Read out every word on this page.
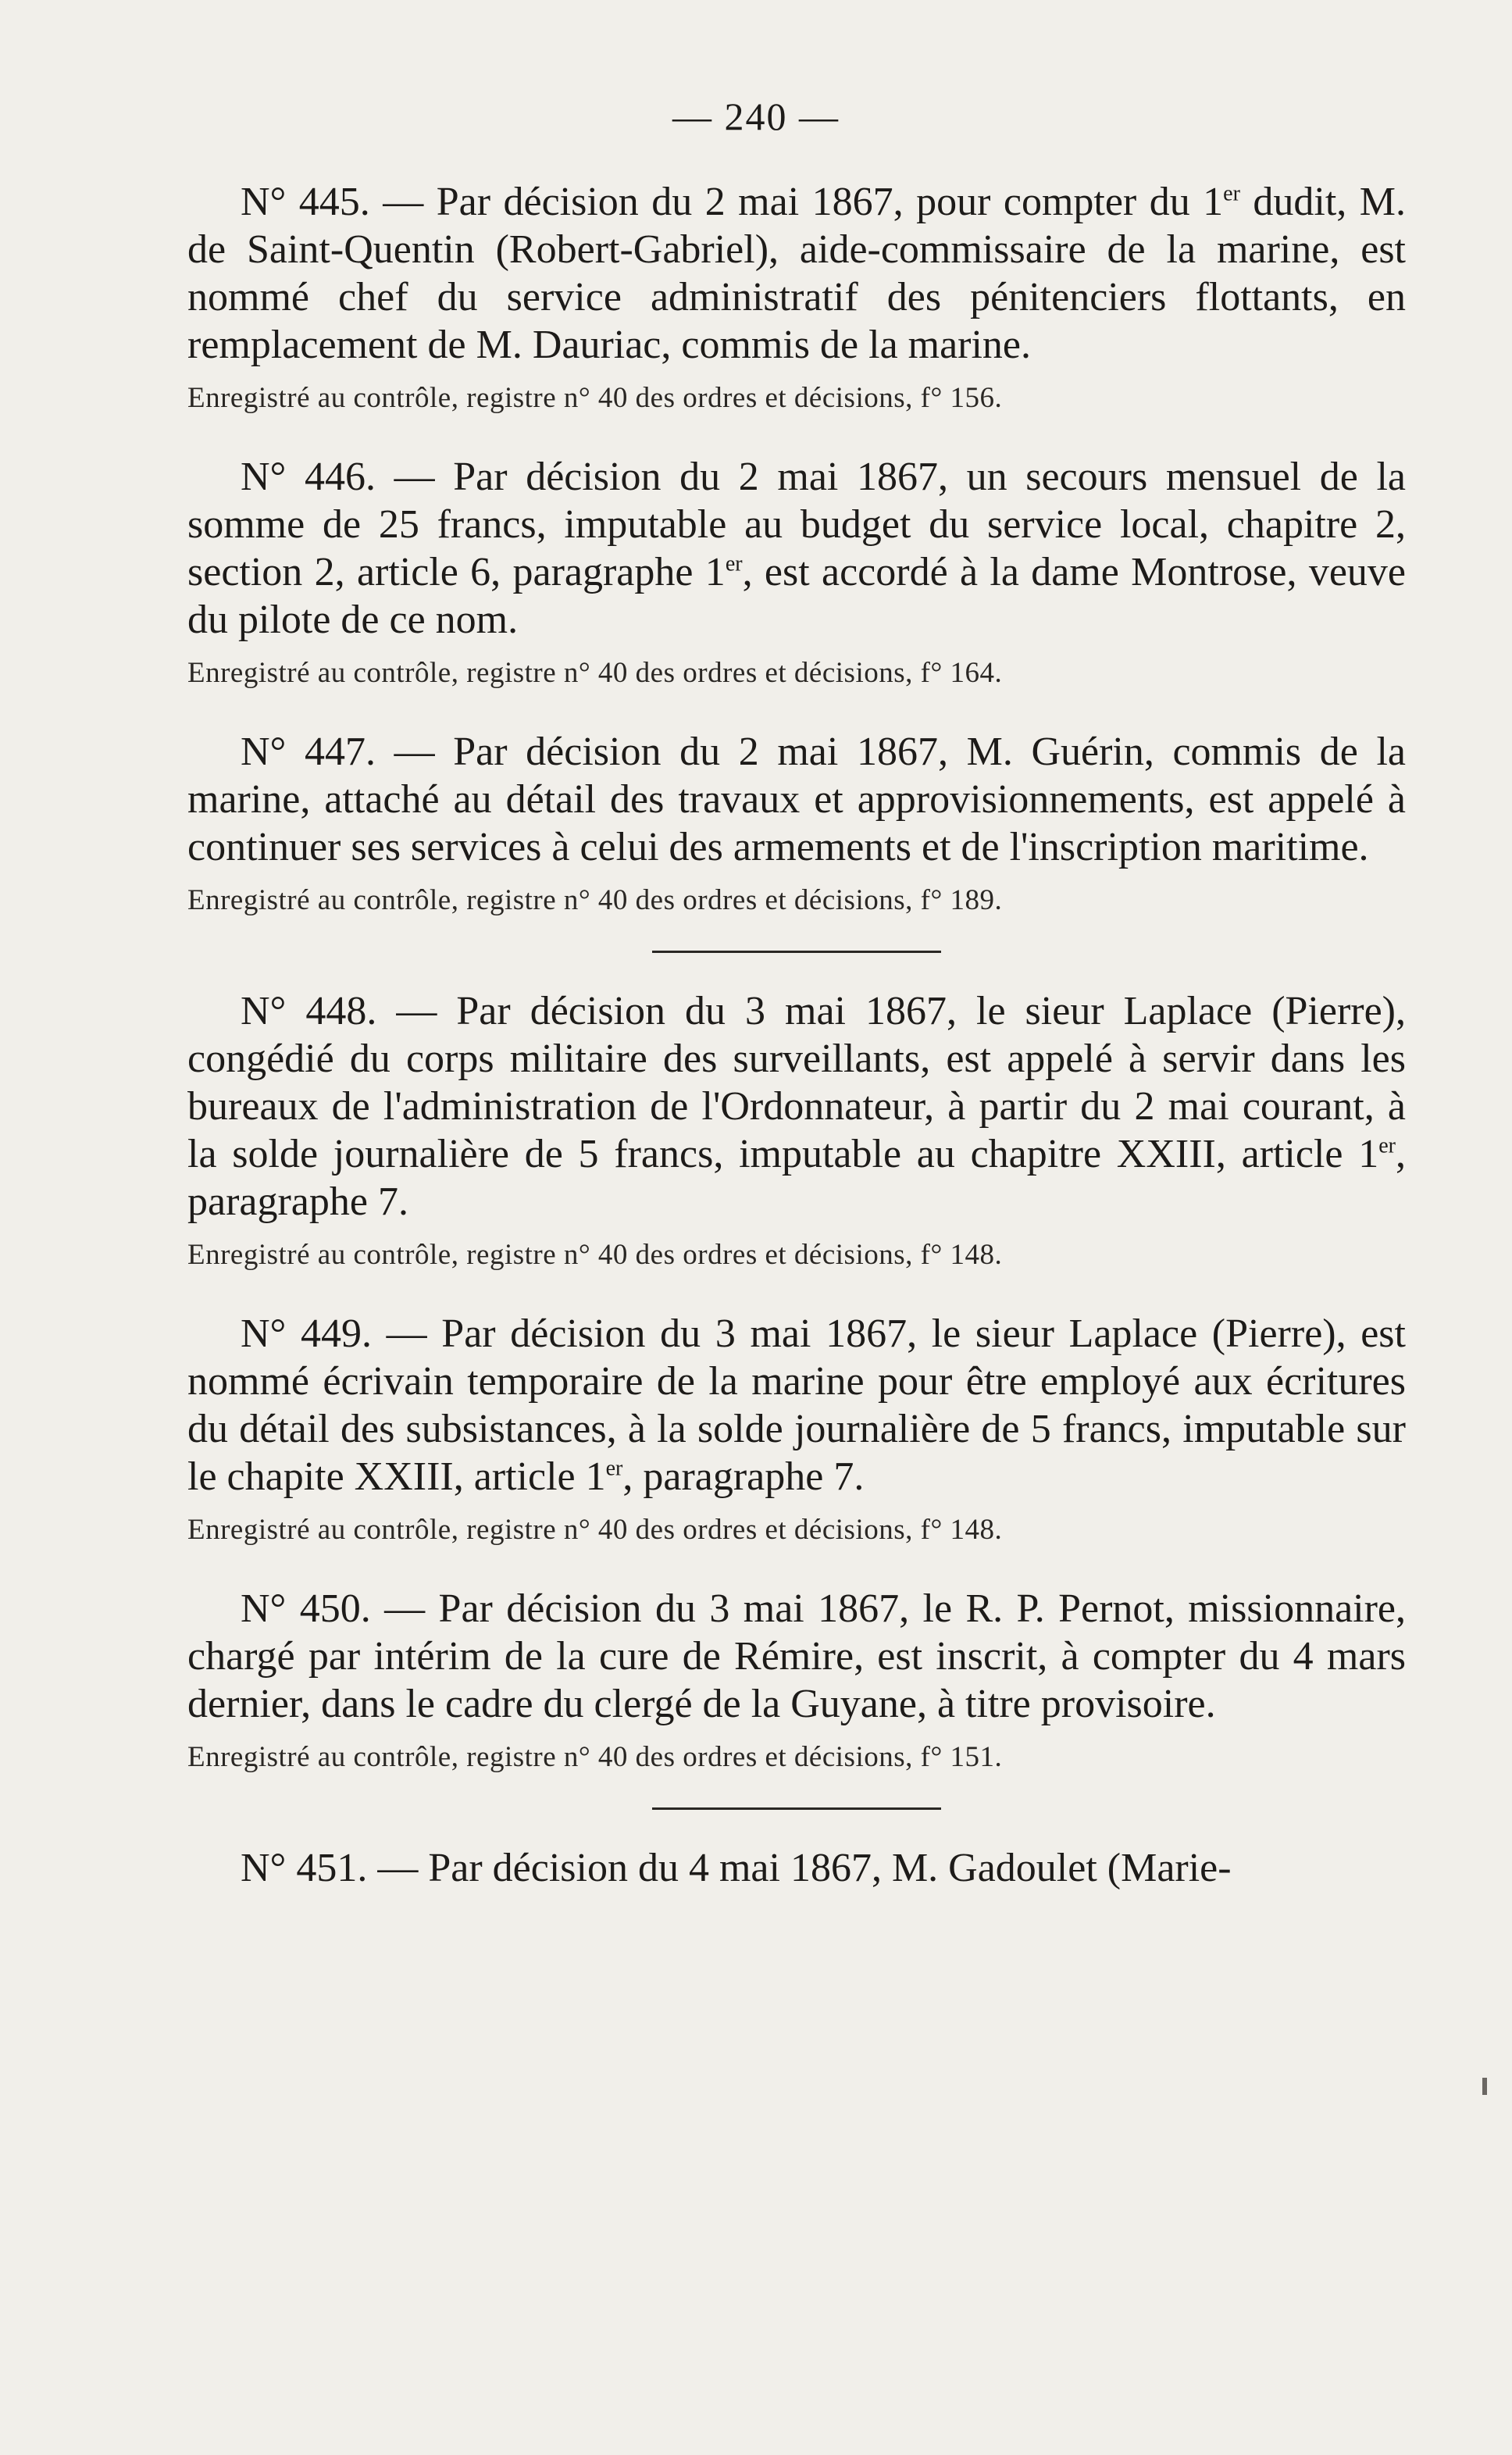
— 240 —

N° 445. — Par décision du 2 mai 1867, pour compter du 1er dudit, M. de Saint-Quentin (Robert-Gabriel), aide-commissaire de la marine, est nommé chef du service administratif des pénitenciers flottants, en remplacement de M. Dauriac, commis de la marine.

Enregistré au contrôle, registre n° 40 des ordres et décisions, f° 156.

N° 446. — Par décision du 2 mai 1867, un secours mensuel de la somme de 25 francs, imputable au budget du service local, chapitre 2, section 2, article 6, paragraphe 1er, est accordé à la dame Montrose, veuve du pilote de ce nom.

Enregistré au contrôle, registre n° 40 des ordres et décisions, f° 164.

N° 447. — Par décision du 2 mai 1867, M. Guérin, commis de la marine, attaché au détail des travaux et approvisionnements, est appelé à continuer ses services à celui des armements et de l'inscription maritime.

Enregistré au contrôle, registre n° 40 des ordres et décisions, f° 189.

N° 448. — Par décision du 3 mai 1867, le sieur Laplace (Pierre), congédié du corps militaire des surveillants, est appelé à servir dans les bureaux de l'administration de l'Ordonnateur, à partir du 2 mai courant, à la solde journalière de 5 francs, imputable au chapitre XXIII, article 1er, paragraphe 7.

Enregistré au contrôle, registre n° 40 des ordres et décisions, f° 148.

N° 449. — Par décision du 3 mai 1867, le sieur Laplace (Pierre), est nommé écrivain temporaire de la marine pour être employé aux écritures du détail des subsistances, à la solde journalière de 5 francs, imputable sur le chapite XXIII, article 1er, paragraphe 7.

Enregistré au contrôle, registre n° 40 des ordres et décisions, f° 148.

N° 450. — Par décision du 3 mai 1867, le R. P. Pernot, missionnaire, chargé par intérim de la cure de Rémire, est inscrit, à compter du 4 mars dernier, dans le cadre du clergé de la Guyane, à titre provisoire.

Enregistré au contrôle, registre n° 40 des ordres et décisions, f° 151.

N° 451. — Par décision du 4 mai 1867, M. Gadoulet (Marie-
